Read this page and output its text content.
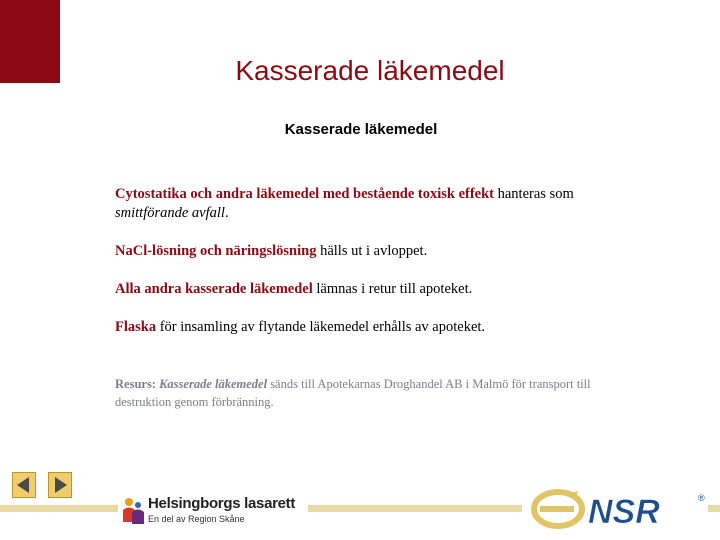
Kasserade läkemedel
Kasserade läkemedel

Cytostatika och andra läkemedel med bestående toxisk effekt hanteras som smittförande avfall.

NaCl-lösning och näringslösning hälls ut i avloppet.

Alla andra kasserade läkemedel lämnas i retur till apoteket.

Flaska för insamling av flytande läkemedel erhålls av apoteket.

Resurs: Kasserade läkemedel sänds till Apotekarnas Droghandel AB i Malmö för transport till destruktion genom förbränning.
Helsingborgs lasarett
En del av Region Skåne	NSR	®
